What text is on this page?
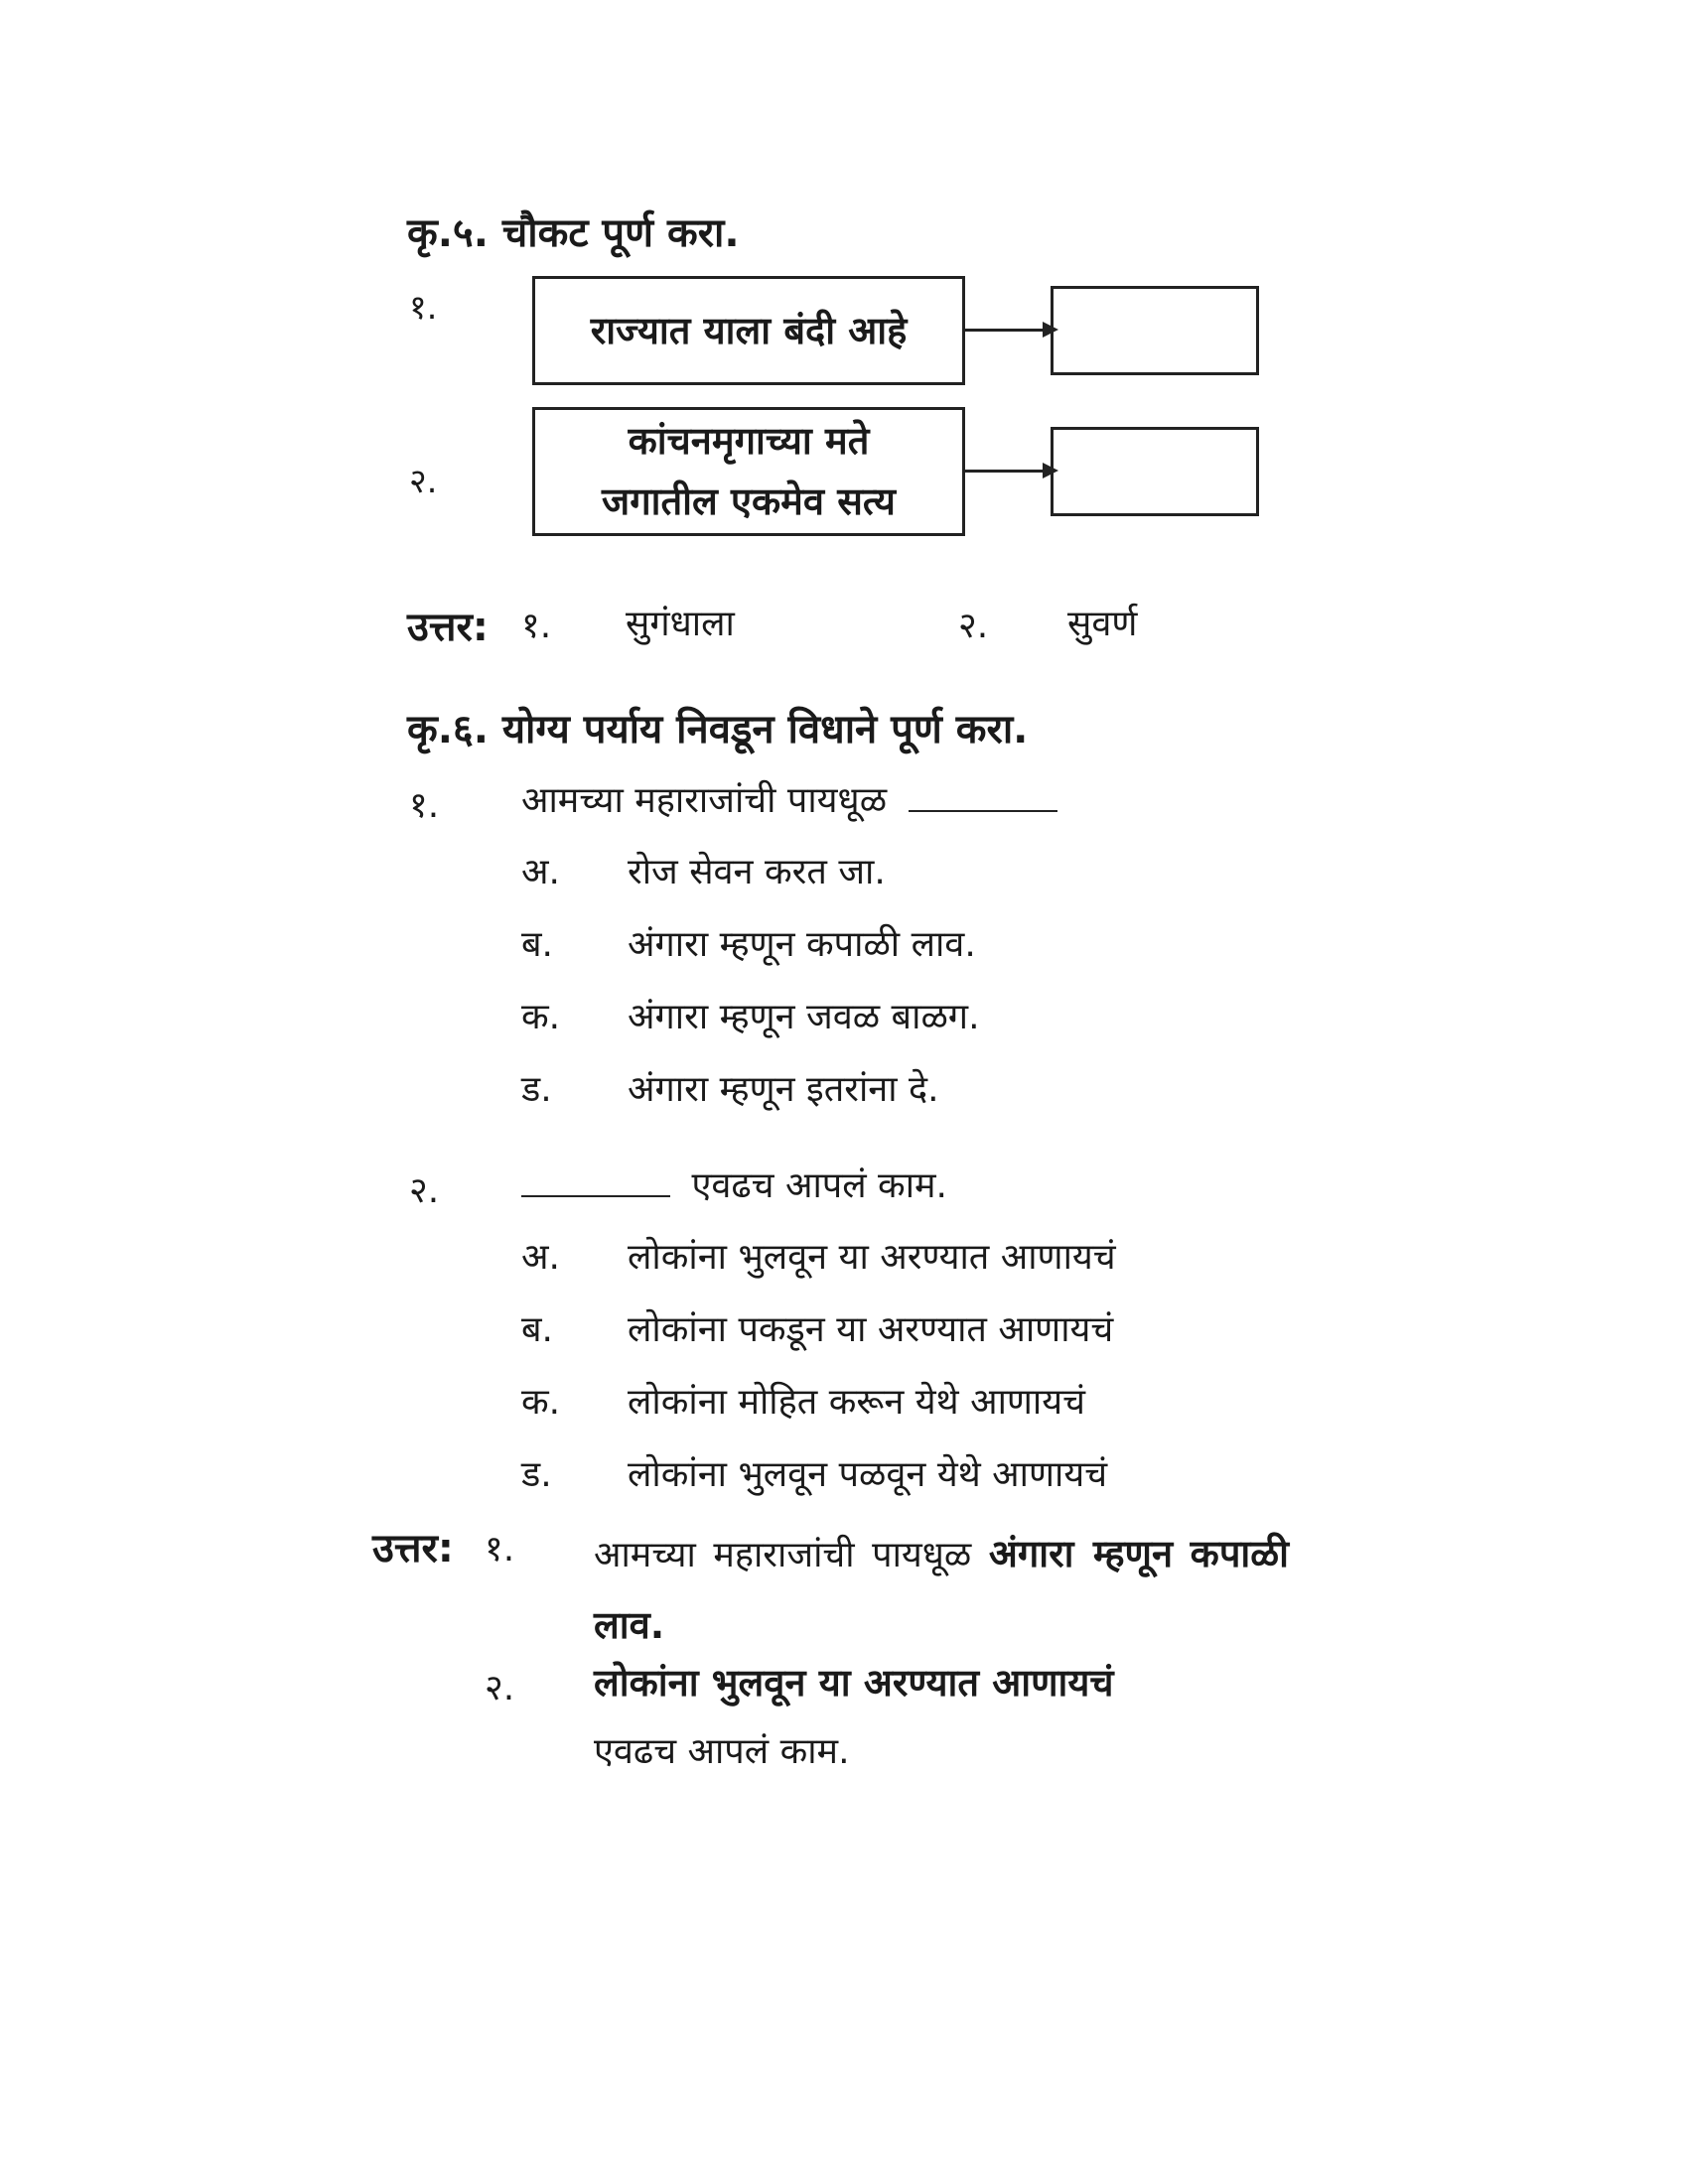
कृ.५. चौकट पूर्ण करा.
१.
राज्यात याला बंदी आहे
२.
कांचनमृगाच्या मते
जगातील एकमेव सत्य
उत्तर: १. सुगंधाला	२. सुवर्ण
कृ.६. योग्य पर्याय निवडून विधाने पूर्ण करा.
१. आमच्या महाराजांची पायधूळ
अ. रोज सेवन करत जा.
ब. अंगारा म्हणून कपाळी लाव.
क. अंगारा म्हणून जवळ बाळग.
ड. अंगारा म्हणून इतरांना दे.
२.	एवढच आपलं काम.
अ. लोकांना भुलवून या अरण्यात आणायचं
ब. लोकांना पकडून या अरण्यात आणायचं
क. लोकांना मोहित करून येथे आणायचं
ड. लोकांना भुलवून पळवून येथे आणायचं
उत्तर: १. आमच्या महाराजांची पायधूळ अंगारा म्हणून कपाळी लाव.
२. लोकांना भुलवून या अरण्यात आणायचं
एवढच आपलं काम.
